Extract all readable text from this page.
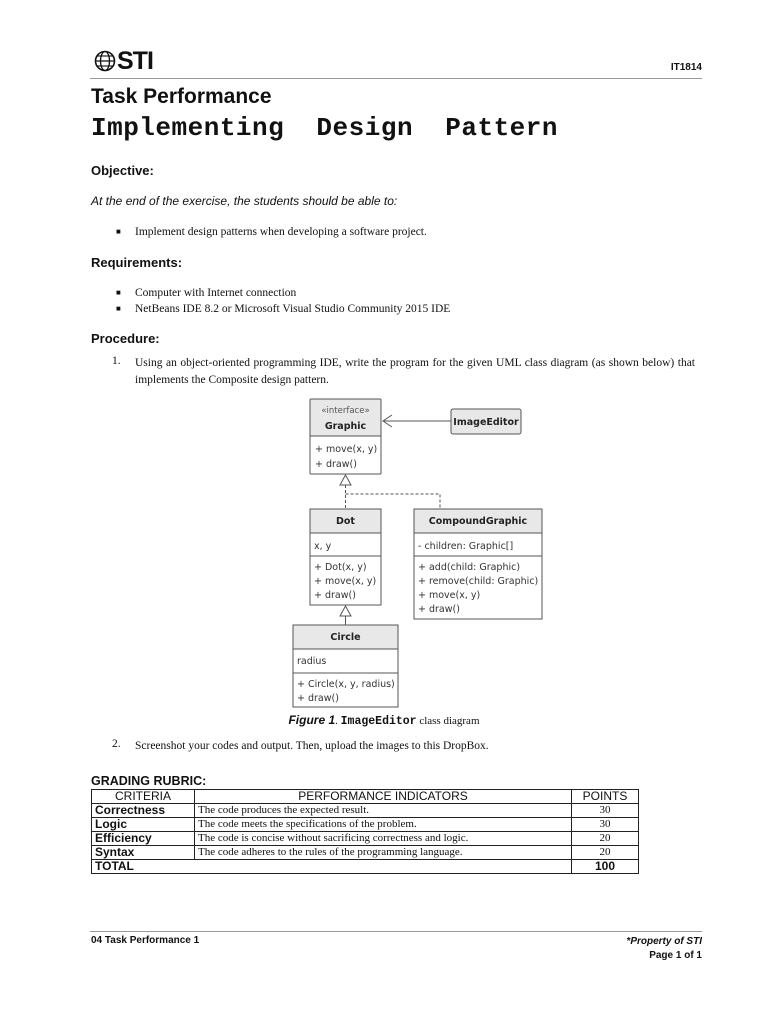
STI	IT1814
Task Performance
Implementing  Design  Pattern
Objective:
At the end of the exercise, the students should be able to:
■ Implement design patterns when developing a software project.
Requirements:
■ Computer with Internet connection
■ NetBeans IDE 8.2 or Microsoft Visual Studio Community 2015 IDE
Procedure:
1. Using an object-oriented programming IDE, write the program for the given UML class diagram (as shown below) that implements the Composite design pattern.
«interface»
Graphic
+ move(x, y)
+ draw()
ImageEditor
Dot
x, y
+ Dot(x, y)
+ move(x, y)
+ draw()
CompoundGraphic
- children: Graphic[]
+ add(child: Graphic)
+ remove(child: Graphic)
+ move(x, y)
+ draw()
Circle
radius
+ Circle(x, y, radius)
+ draw()
Figure 1. ImageEditor class diagram
2. Screenshot your codes and output. Then, upload the images to this DropBox.
GRADING RUBRIC:
CRITERIA	PERFORMANCE INDICATORS	POINTS
Correctness	The code produces the expected result.	30
Logic	The code meets the specifications of the problem.	30
Efficiency	The code is concise without sacrificing correctness and logic.	20
Syntax	The code adheres to the rules of the programming language.	20
TOTAL		100
04 Task Performance 1	*Property of STI
Page 1 of 1
